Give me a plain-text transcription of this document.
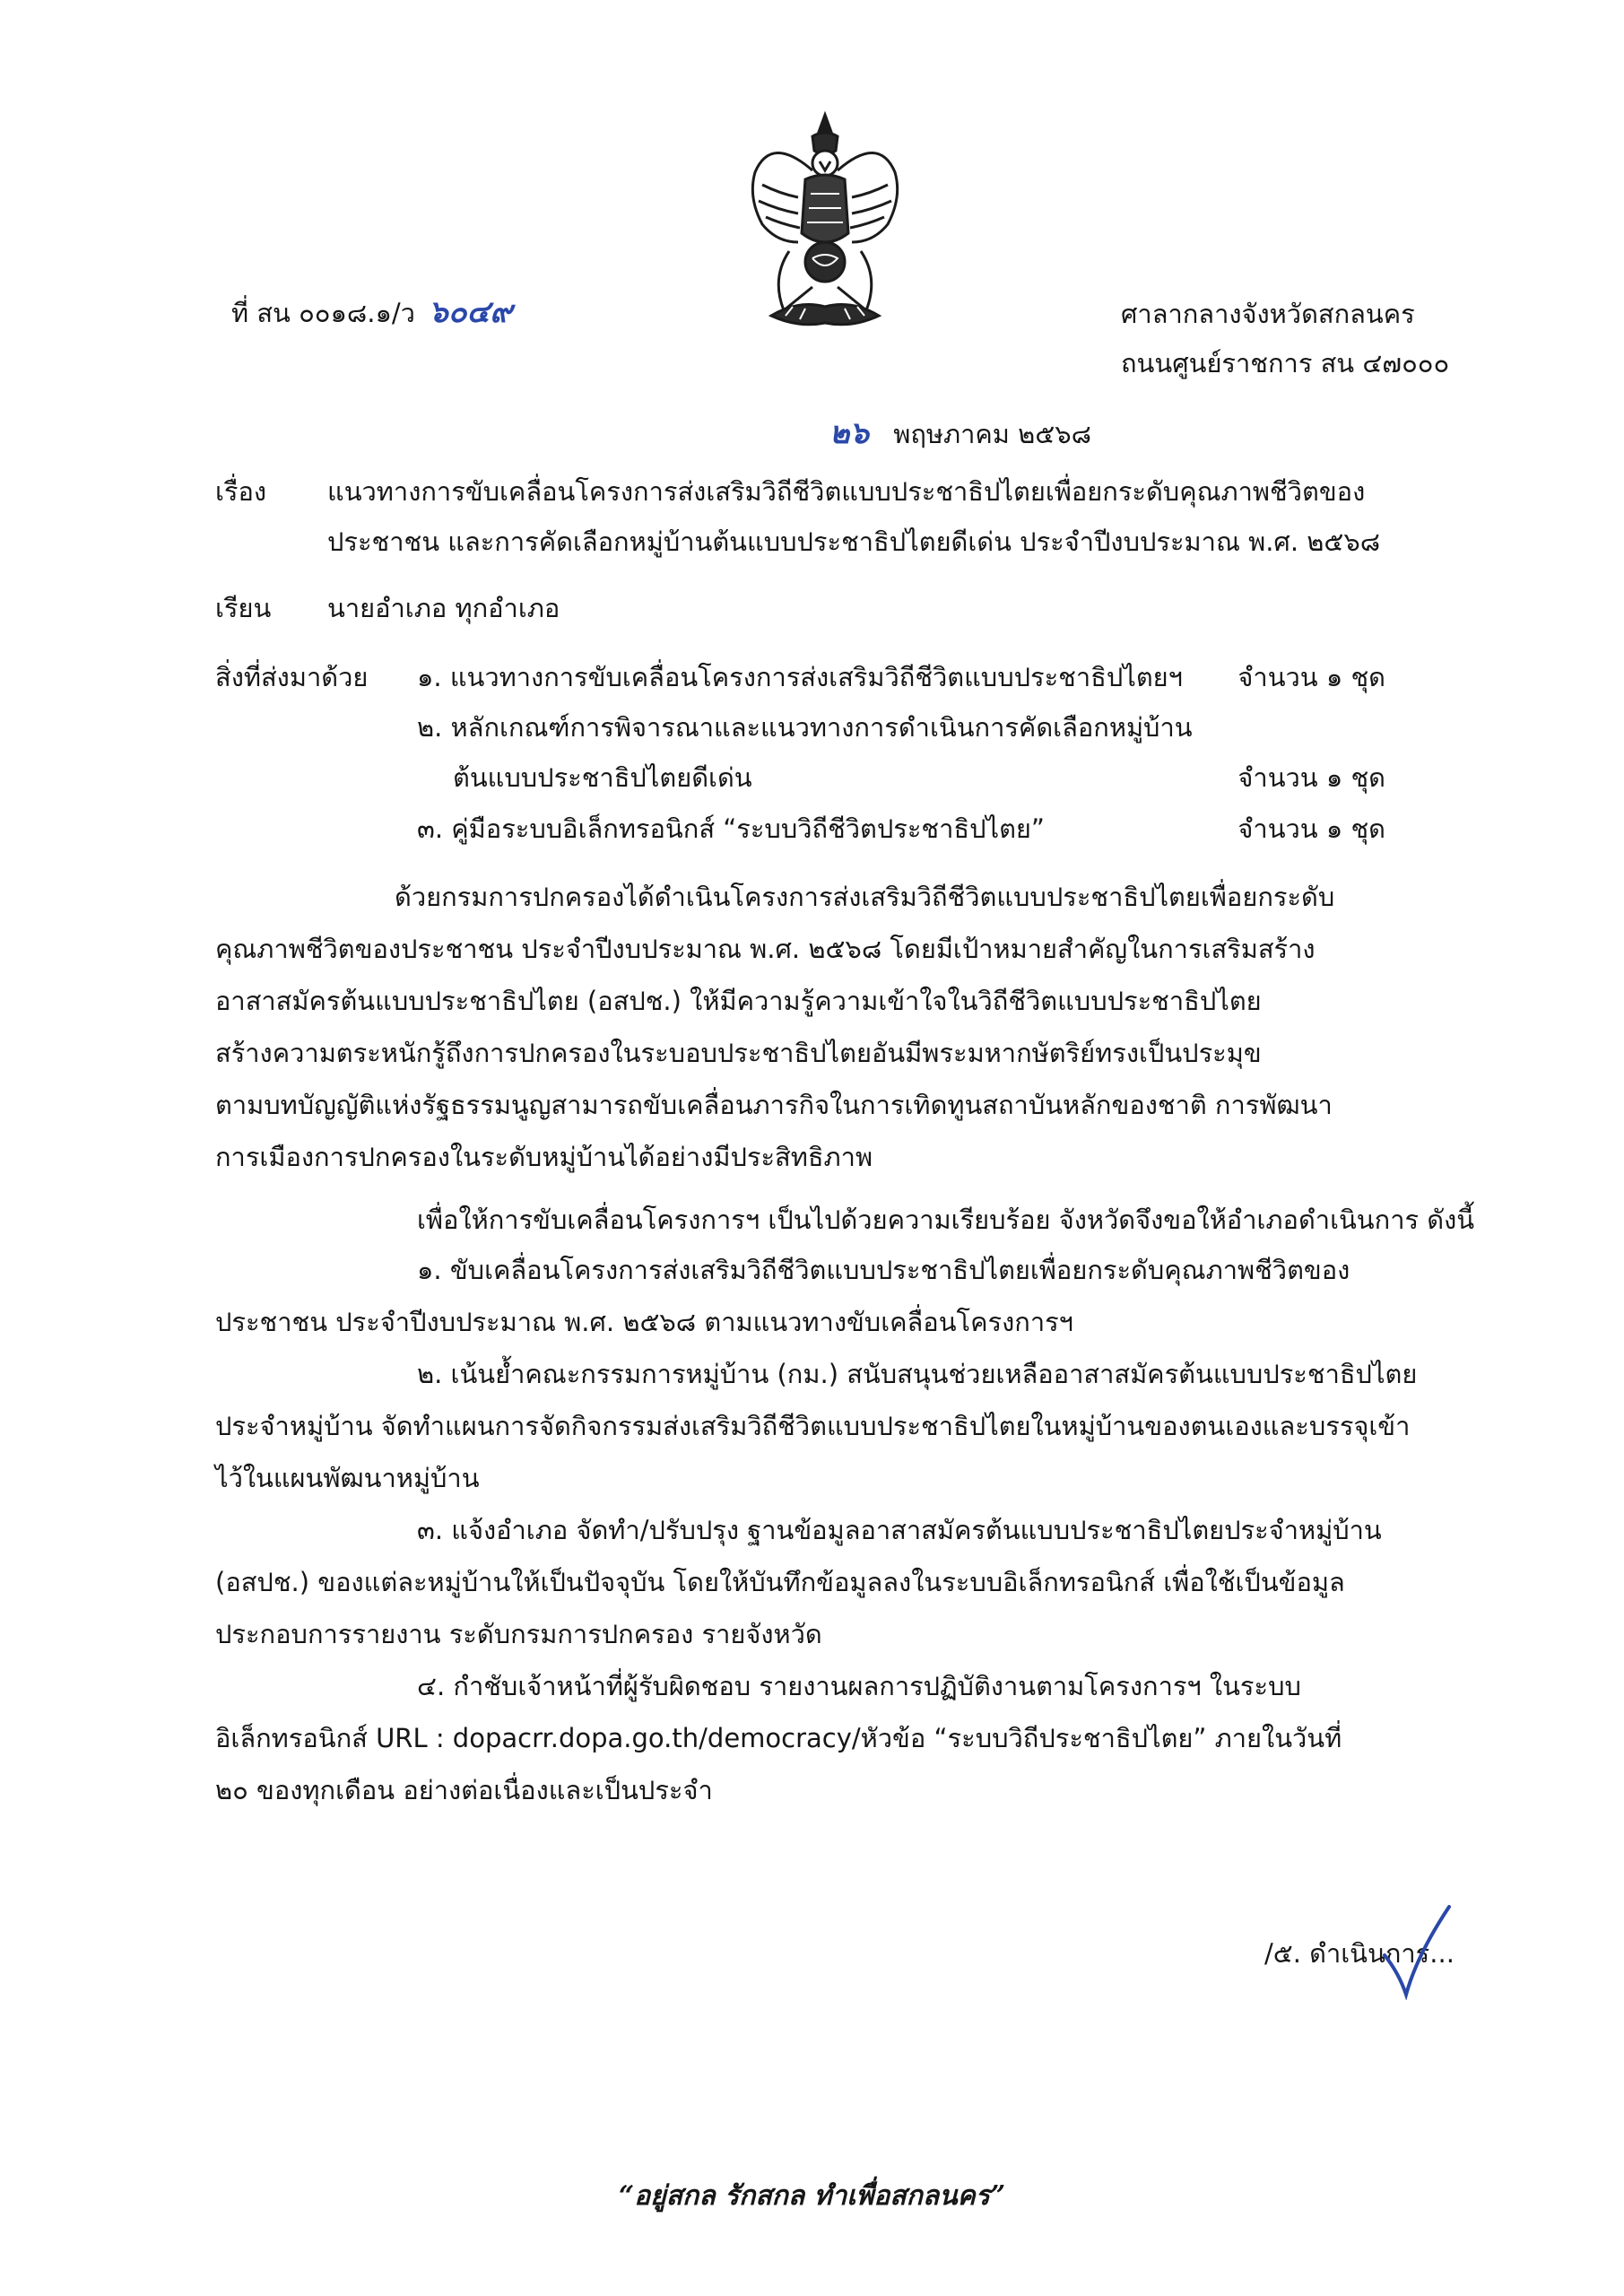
ที่ สน ๐๐๑๘.๑/ว ๖๐๔๙	ศาลากลางจังหวัดสกลนคร
ถนนศูนย์ราชการ สน ๔๗๐๐๐
๒๖ พฤษภาคม ๒๕๖๘
เรื่อง แนวทางการขับเคลื่อนโครงการส่งเสริมวิถีชีวิตแบบประชาธิปไตยเพื่อยกระดับคุณภาพชีวิตของ
ประชาชน และการคัดเลือกหมู่บ้านต้นแบบประชาธิปไตยดีเด่น ประจำปีงบประมาณ พ.ศ. ๒๕๖๘
เรียน นายอำเภอ ทุกอำเภอ
สิ่งที่ส่งมาด้วย ๑. แนวทางการขับเคลื่อนโครงการส่งเสริมวิถีชีวิตแบบประชาธิปไตยฯ จำนวน ๑ ชุด
๒. หลักเกณฑ์การพิจารณาและแนวทางการดำเนินการคัดเลือกหมู่บ้าน
ต้นแบบประชาธิปไตยดีเด่น	จำนวน ๑ ชุด
๓. คู่มือระบบอิเล็กทรอนิกส์ “ระบบวิถีชีวิตประชาธิปไตย”	จำนวน ๑ ชุด
ด้วยกรมการปกครองได้ดำเนินโครงการส่งเสริมวิถีชีวิตแบบประชาธิปไตยเพื่อยกระดับ
คุณภาพชีวิตของประชาชน ประจำปีงบประมาณ พ.ศ. ๒๕๖๘ โดยมีเป้าหมายสำคัญในการเสริมสร้าง
อาสาสมัครต้นแบบประชาธิปไตย (อสปช.) ให้มีความรู้ความเข้าใจในวิถีชีวิตแบบประชาธิปไตย
สร้างความตระหนักรู้ถึงการปกครองในระบอบประชาธิปไตยอันมีพระมหากษัตริย์ทรงเป็นประมุข
ตามบทบัญญัติแห่งรัฐธรรมนูญสามารถขับเคลื่อนภารกิจในการเทิดทูนสถาบันหลักของชาติ การพัฒนา
การเมืองการปกครองในระดับหมู่บ้านได้อย่างมีประสิทธิภาพ
เพื่อให้การขับเคลื่อนโครงการฯ เป็นไปด้วยความเรียบร้อย จังหวัดจึงขอให้อำเภอดำเนินการ ดังนี้
๑. ขับเคลื่อนโครงการส่งเสริมวิถีชีวิตแบบประชาธิปไตยเพื่อยกระดับคุณภาพชีวิตของ
ประชาชน ประจำปีงบประมาณ พ.ศ. ๒๕๖๘ ตามแนวทางขับเคลื่อนโครงการฯ
๒. เน้นย้ำคณะกรรมการหมู่บ้าน (กม.) สนับสนุนช่วยเหลืออาสาสมัครต้นแบบประชาธิปไตย
ประจำหมู่บ้าน จัดทำแผนการจัดกิจกรรมส่งเสริมวิถีชีวิตแบบประชาธิปไตยในหมู่บ้านของตนเองและบรรจุเข้า
ไว้ในแผนพัฒนาหมู่บ้าน
๓. แจ้งอำเภอ จัดทำ/ปรับปรุง ฐานข้อมูลอาสาสมัครต้นแบบประชาธิปไตยประจำหมู่บ้าน
(อสปช.) ของแต่ละหมู่บ้านให้เป็นปัจจุบัน โดยให้บันทึกข้อมูลลงในระบบอิเล็กทรอนิกส์ เพื่อใช้เป็นข้อมูล
ประกอบการรายงาน ระดับกรมการปกครอง รายจังหวัด
๔. กำชับเจ้าหน้าที่ผู้รับผิดชอบ รายงานผลการปฏิบัติงานตามโครงการฯ ในระบบ
อิเล็กทรอนิกส์ URL : dopacrr.dopa.go.th/democracy/หัวข้อ “ระบบวิถีประชาธิปไตย” ภายในวันที่
๒๐ ของทุกเดือน อย่างต่อเนื่องและเป็นประจำ
/๕. ดำเนินการ...
“อยู่สกล รักสกล ทำเพื่อสกลนคร”
